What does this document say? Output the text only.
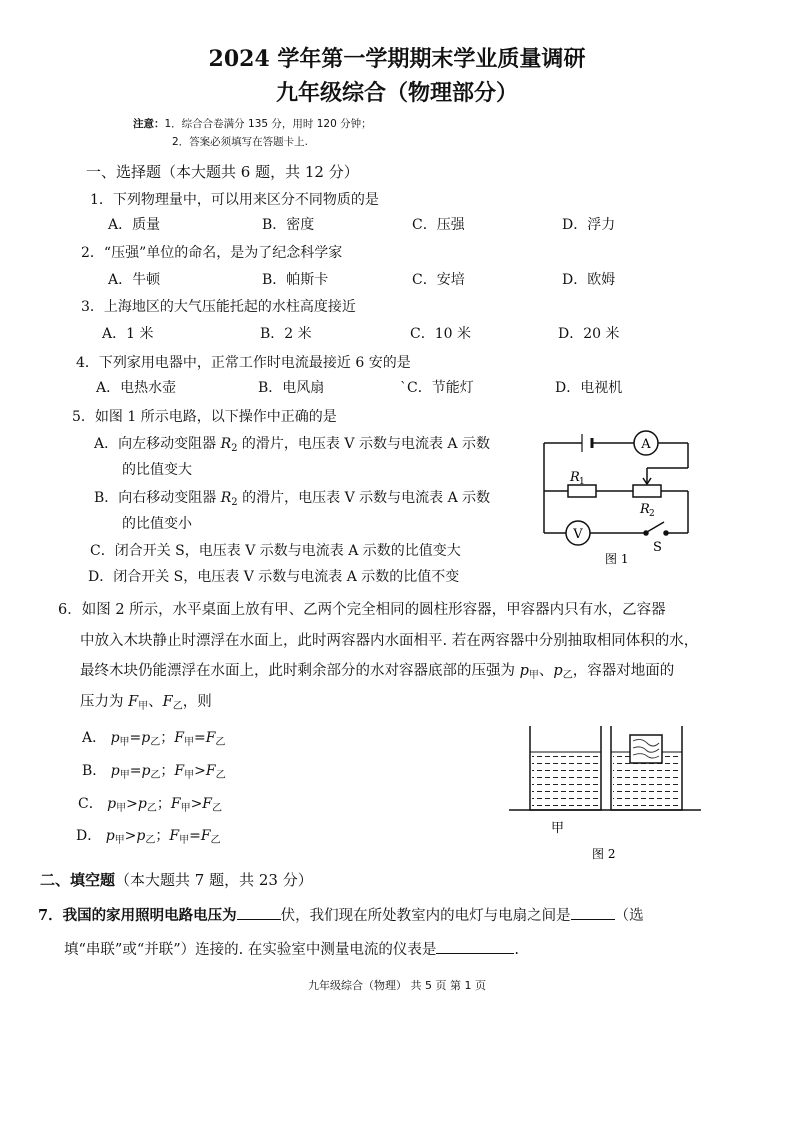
2024 学年第一学期期末学业质量调研
九年级综合（物理部分）
注意：1．综合合卷满分 135 分，用时 120 分钟；
2．答案必须填写在答题卡上.
一、选择题（本大题共 6 题，共 12 分）
1．下列物理量中，可以用来区分不同物质的是
A．质量	B．密度	C．压强	D．浮力
2．“压强”单位的命名，是为了纪念科学家
A．牛顿	B．帕斯卡	C．安培	D．欧姆
3．上海地区的大气压能托起的水柱高度接近
A．1 米	B．2 米	C．10 米	D．20 米
4．下列家用电器中，正常工作时电流最接近 6 安的是
A．电热水壶	B．电风扇	`C．节能灯	D．电视机
5．如图 1 所示电路，以下操作中正确的是
A．向左移动变阻器 $R_2$ 的滑片，电压表 V 示数与电流表 A 示数
的比值变大
B．向右移动变阻器 $R_2$ 的滑片，电压表 V 示数与电流表 A 示数
的比值变小
C．闭合开关 S，电压表 V 示数与电流表 A 示数的比值变大
D．闭合开关 S，电压表 V 示数与电流表 A 示数的比值不变
A
V
R 1
R 2
S
图 1
6．如图 2 所示，水平桌面上放有甲、乙两个完全相同的圆柱形容器，甲容器内只有水，乙容器
中放入木块静止时漂浮在水面上，此时两容器内水面相平. 若在两容器中分别抽取相同体积的水，
最终木块仍能漂浮在水面上，此时剩余部分的水对容器底部的压强为 $p_甲$、$p_乙$，容器对地面的
压力为 $F_甲$、$F_乙$，则
A． $p_甲=p_乙$；$F_甲=F_乙$
B． $p_甲=p_乙$；$F_甲>F_乙$
C． $p_甲>p_乙$；$F_甲>F_乙$
D． $p_甲>p_乙$；$F_甲=F_乙$
甲
图 2
二、填空题（本大题共 7 题，共 23 分）
7．我国的家用照明电路电压为	伏，我们现在所处教室内的电灯与电扇之间是	（选
填“串联”或“并联”）连接的. 在实验室中测量电流的仪表是	.
九年级综合（物理） 共 5 页 第 1 页
